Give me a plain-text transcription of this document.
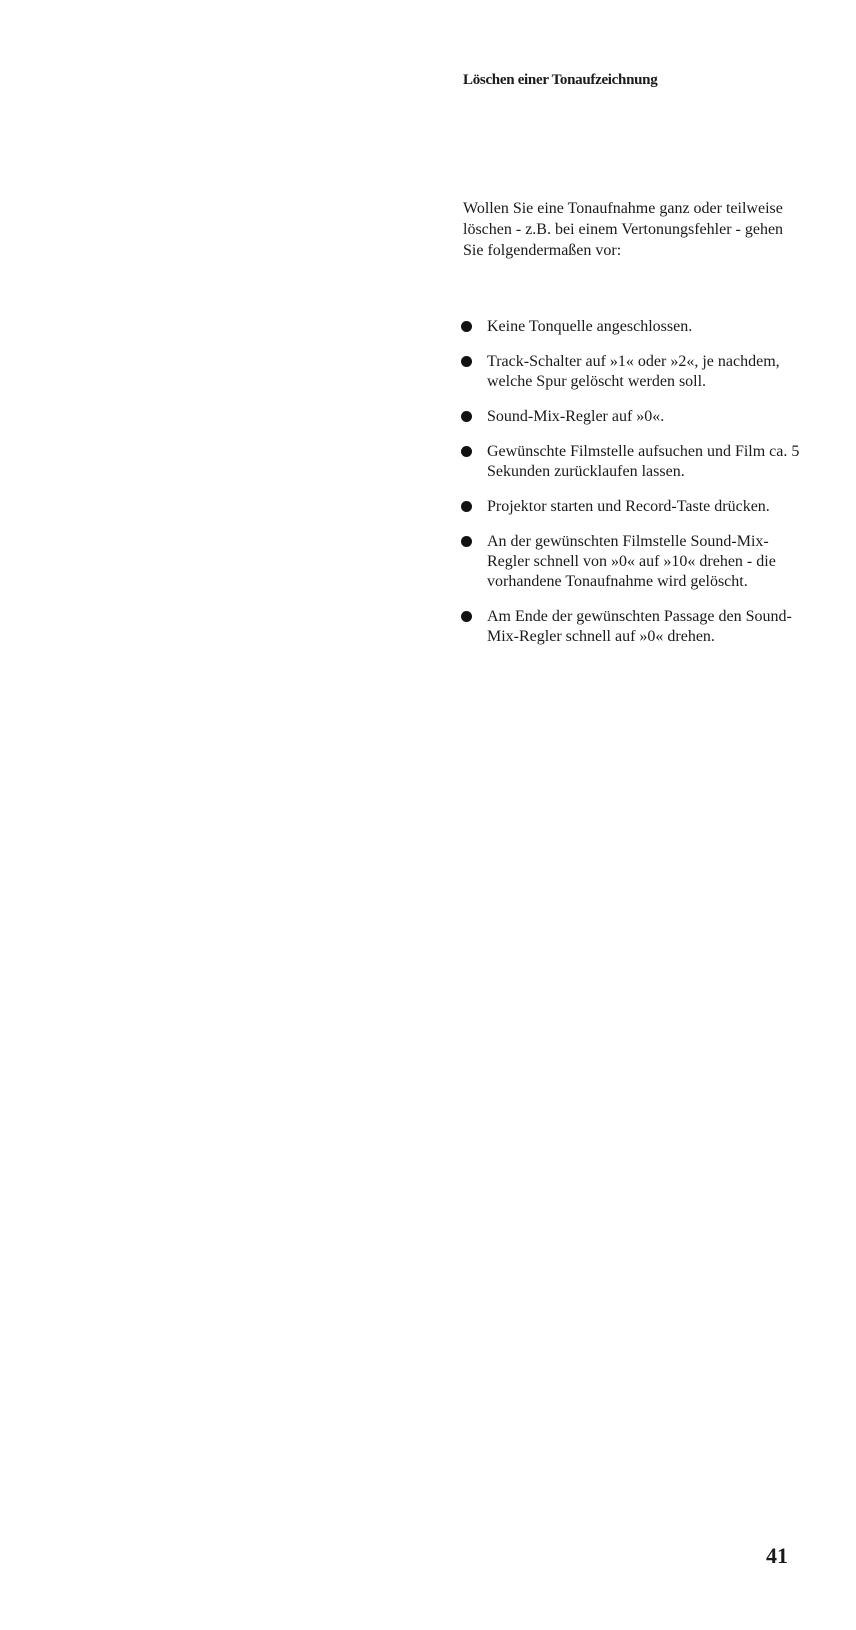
Löschen einer Tonaufzeichnung

Wollen Sie eine Tonaufnahme ganz oder teilweise löschen - z.B. bei einem Vertonungsfehler - gehen Sie folgendermaßen vor:

Keine Tonquelle angeschlossen.
Track-Schalter auf »1« oder »2«, je nachdem, welche Spur gelöscht werden soll.
Sound-Mix-Regler auf »0«.
Gewünschte Filmstelle aufsuchen und Film ca. 5 Sekunden zurücklaufen lassen.
Projektor starten und Record-Taste drücken.
An der gewünschten Filmstelle Sound-Mix-Regler schnell von »0« auf »10« drehen - die vorhandene Tonaufnahme wird gelöscht.
Am Ende der gewünschten Passage den Sound-Mix-Regler schnell auf »0« drehen.

41
